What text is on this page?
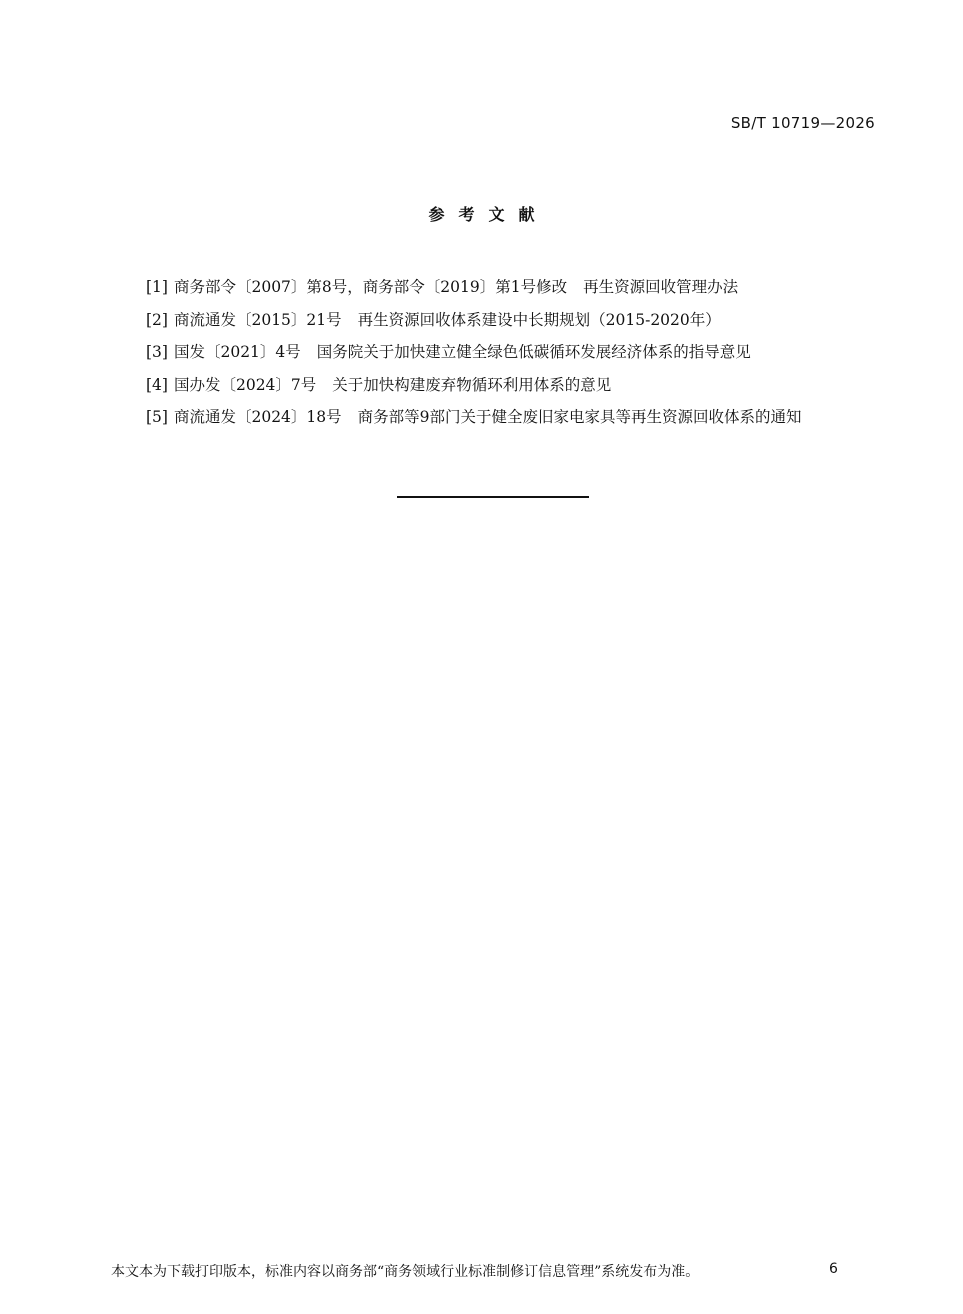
SB/T 10719—2026
参考文献
[1] 商务部令〔2007〕第8号，商务部令〔2019〕第1号修改 再生资源回收管理办法
[2] 商流通发〔2015〕21号 再生资源回收体系建设中长期规划（2015-2020年）
[3] 国发〔2021〕4号 国务院关于加快建立健全绿色低碳循环发展经济体系的指导意见
[4] 国办发〔2024〕7号 关于加快构建废弃物循环利用体系的意见
[5] 商流通发〔2024〕18号 商务部等9部门关于健全废旧家电家具等再生资源回收体系的通知
本文本为下载打印版本，标准内容以商务部“商务领域行业标准制修订信息管理”系统发布为准。	6
